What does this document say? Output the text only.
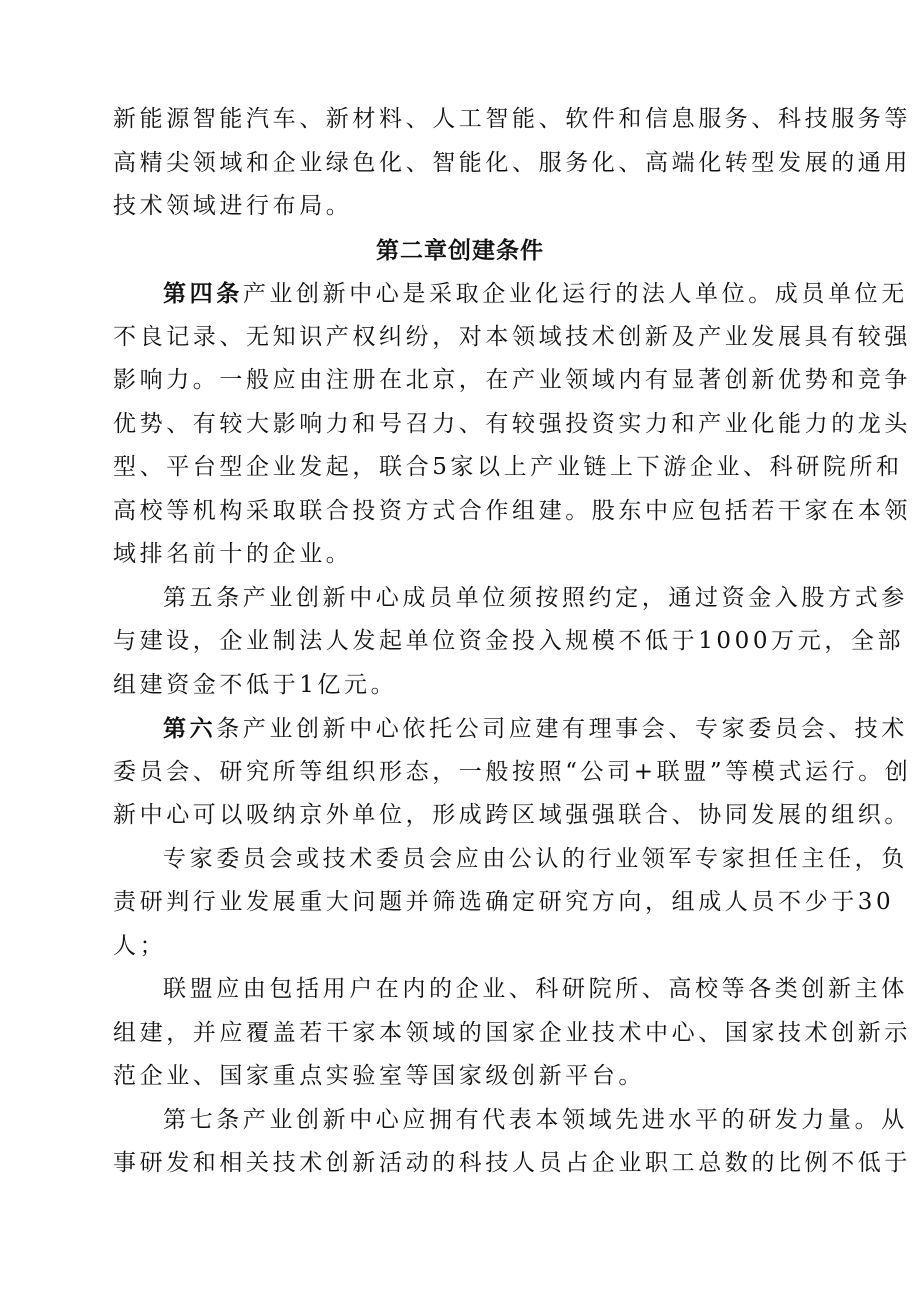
新能源智能汽车、新材料、人工智能、软件和信息服务、科技服务等
高精尖领域和企业绿色化、智能化、服务化、高端化转型发展的通用
技术领域进行布局。
第二章创建条件
第四条产业创新中心是采取企业化运行的法人单位。成员单位无
不良记录、无知识产权纠纷，对本领域技术创新及产业发展具有较强
影响力。一般应由注册在北京，在产业领域内有显著创新优势和竞争
优势、有较大影响力和号召力、有较强投资实力和产业化能力的龙头
型、平台型企业发起，联合5家以上产业链上下游企业、科研院所和
高校等机构采取联合投资方式合作组建。股东中应包括若干家在本领
域排名前十的企业。
第五条产业创新中心成员单位须按照约定，通过资金入股方式参
与建设，企业制法人发起单位资金投入规模不低于1000万元，全部
组建资金不低于1亿元。
第六条产业创新中心依托公司应建有理事会、专家委员会、技术
委员会、研究所等组织形态，一般按照“公司+联盟”等模式运行。创
新中心可以吸纳京外单位，形成跨区域强强联合、协同发展的组织。
专家委员会或技术委员会应由公认的行业领军专家担任主任，负
责研判行业发展重大问题并筛选确定研究方向，组成人员不少于30
人；
联盟应由包括用户在内的企业、科研院所、高校等各类创新主体
组建，并应覆盖若干家本领域的国家企业技术中心、国家技术创新示
范企业、国家重点实验室等国家级创新平台。
第七条产业创新中心应拥有代表本领域先进水平的研发力量。从
事研发和相关技术创新活动的科技人员占企业职工总数的比例不低于
